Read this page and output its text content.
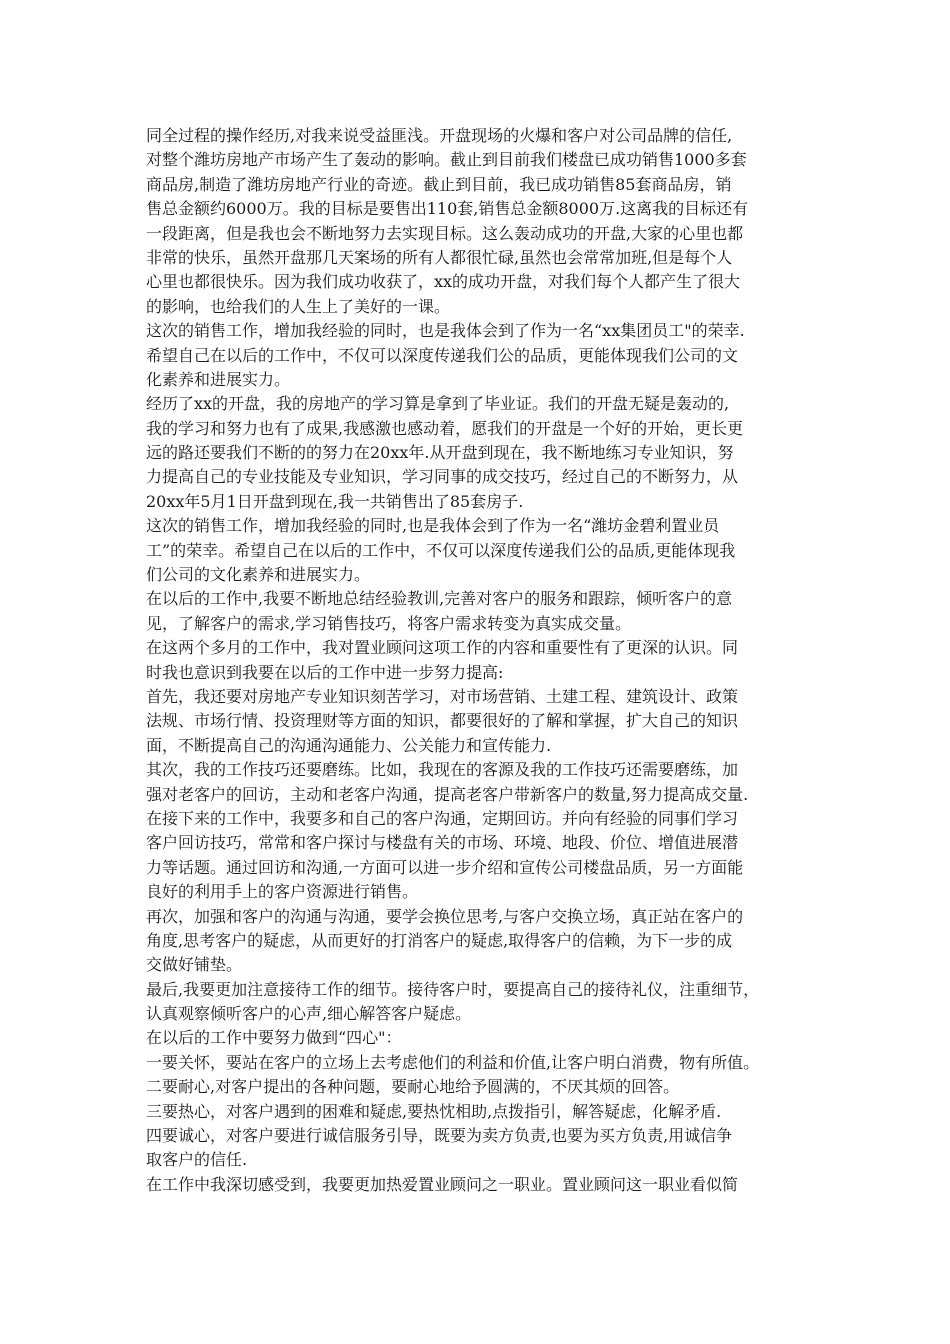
同全过程的操作经历,对我来说受益匪浅。开盘现场的火爆和客户对公司品牌的信任,
对整个潍坊房地产市场产生了轰动的影响。截止到目前我们楼盘已成功销售1000多套
商品房,制造了潍坊房地产行业的奇迹。截止到目前，我已成功销售85套商品房，销
售总金额约6000万。我的目标是要售出110套,销售总金额8000万.这离我的目标还有
一段距离，但是我也会不断地努力去实现目标。这么轰动成功的开盘,大家的心里也都
非常的快乐，虽然开盘那几天案场的所有人都很忙碌,虽然也会常常加班,但是每个人
心里也都很快乐。因为我们成功收获了，xx的成功开盘，对我们每个人都产生了很大
的影响，也给我们的人生上了美好的一课。
这次的销售工作，增加我经验的同时，也是我体会到了作为一名“xx集团员工"的荣幸.
希望自己在以后的工作中，不仅可以深度传递我们公的品质，更能体现我们公司的文
化素养和进展实力。
经历了xx的开盘，我的房地产的学习算是拿到了毕业证。我们的开盘无疑是轰动的,
我的学习和努力也有了成果,我感激也感动着，愿我们的开盘是一个好的开始，更长更
远的路还要我们不断的的努力在20xx年.从开盘到现在，我不断地练习专业知识，努
力提高自己的专业技能及专业知识，学习同事的成交技巧，经过自己的不断努力，从
20xx年5月1日开盘到现在,我一共销售出了85套房子.
这次的销售工作，增加我经验的同时,也是我体会到了作为一名“潍坊金碧利置业员
工”的荣幸。希望自己在以后的工作中，不仅可以深度传递我们公的品质,更能体现我
们公司的文化素养和进展实力。
在以后的工作中,我要不断地总结经验教训,完善对客户的服务和跟踪，倾听客户的意
见，了解客户的需求,学习销售技巧，将客户需求转变为真实成交量。
在这两个多月的工作中，我对置业顾问这项工作的内容和重要性有了更深的认识。同
时我也意识到我要在以后的工作中进一步努力提高:
首先，我还要对房地产专业知识刻苦学习，对市场营销、土建工程、建筑设计、政策
法规、市场行情、投资理财等方面的知识，都要很好的了解和掌握，扩大自己的知识
面，不断提高自己的沟通沟通能力、公关能力和宣传能力.
其次，我的工作技巧还要磨练。比如，我现在的客源及我的工作技巧还需要磨练，加
强对老客户的回访，主动和老客户沟通，提高老客户带新客户的数量,努力提高成交量.
在接下来的工作中，我要多和自己的客户沟通，定期回访。并向有经验的同事们学习
客户回访技巧，常常和客户探讨与楼盘有关的市场、环境、地段、价位、增值进展潜
力等话题。通过回访和沟通,一方面可以进一步介绍和宣传公司楼盘品质，另一方面能
良好的利用手上的客户资源进行销售。
再次，加强和客户的沟通与沟通，要学会换位思考,与客户交换立场，真正站在客户的
角度,思考客户的疑虑，从而更好的打消客户的疑虑,取得客户的信赖，为下一步的成
交做好铺垫。
最后,我要更加注意接待工作的细节。接待客户时，要提高自己的接待礼仪，注重细节，
认真观察倾听客户的心声,细心解答客户疑虑。
在以后的工作中要努力做到“四心"：
一要关怀，要站在客户的立场上去考虑他们的利益和价值,让客户明白消费，物有所值。
二要耐心,对客户提出的各种问题，要耐心地给予圆满的，不厌其烦的回答。
三要热心，对客户遇到的困难和疑虑,要热忱相助,点拨指引，解答疑虑，化解矛盾.
四要诚心，对客户要进行诚信服务引导，既要为卖方负责,也要为买方负责,用诚信争
取客户的信任.
在工作中我深切感受到，我要更加热爱置业顾问之一职业。置业顾问这一职业看似简
